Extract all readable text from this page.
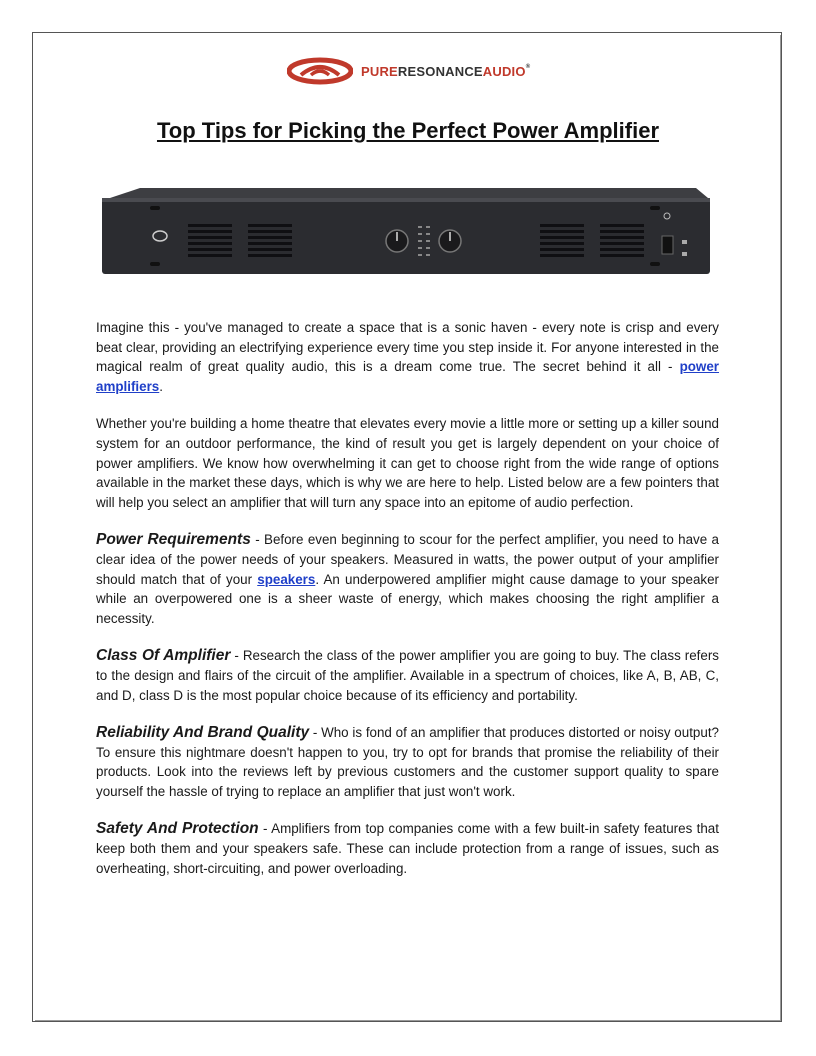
PURERESONANCEAUDIO®
Top Tips for Picking the Perfect Power Amplifier

Imagine this - you've managed to create a space that is a sonic haven - every note is crisp and every beat clear, providing an electrifying experience every time you step inside it. For anyone interested in the magical realm of great quality audio, this is a dream come true. The secret behind it all - power amplifiers.

Whether you're building a home theatre that elevates every movie a little more or setting up a killer sound system for an outdoor performance, the kind of result you get is largely dependent on your choice of power amplifiers. We know how overwhelming it can get to choose right from the wide range of options available in the market these days, which is why we are here to help. Listed below are a few pointers that will help you select an amplifier that will turn any space into an epitome of audio perfection.

Power Requirements - Before even beginning to scour for the perfect amplifier, you need to have a clear idea of the power needs of your speakers. Measured in watts, the power output of your amplifier should match that of your speakers. An underpowered amplifier might cause damage to your speaker while an overpowered one is a sheer waste of energy, which makes choosing the right amplifier a necessity.

Class Of Amplifier - Research the class of the power amplifier you are going to buy. The class refers to the design and flairs of the circuit of the amplifier. Available in a spectrum of choices, like A, B, AB, C, and D, class D is the most popular choice because of its efficiency and portability.

Reliability And Brand Quality - Who is fond of an amplifier that produces distorted or noisy output? To ensure this nightmare doesn't happen to you, try to opt for brands that promise the reliability of their products. Look into the reviews left by previous customers and the customer support quality to spare yourself the hassle of trying to replace an amplifier that just won't work.

Safety And Protection - Amplifiers from top companies come with a few built-in safety features that keep both them and your speakers safe. These can include protection from a range of issues, such as overheating, short-circuiting, and power overloading.
